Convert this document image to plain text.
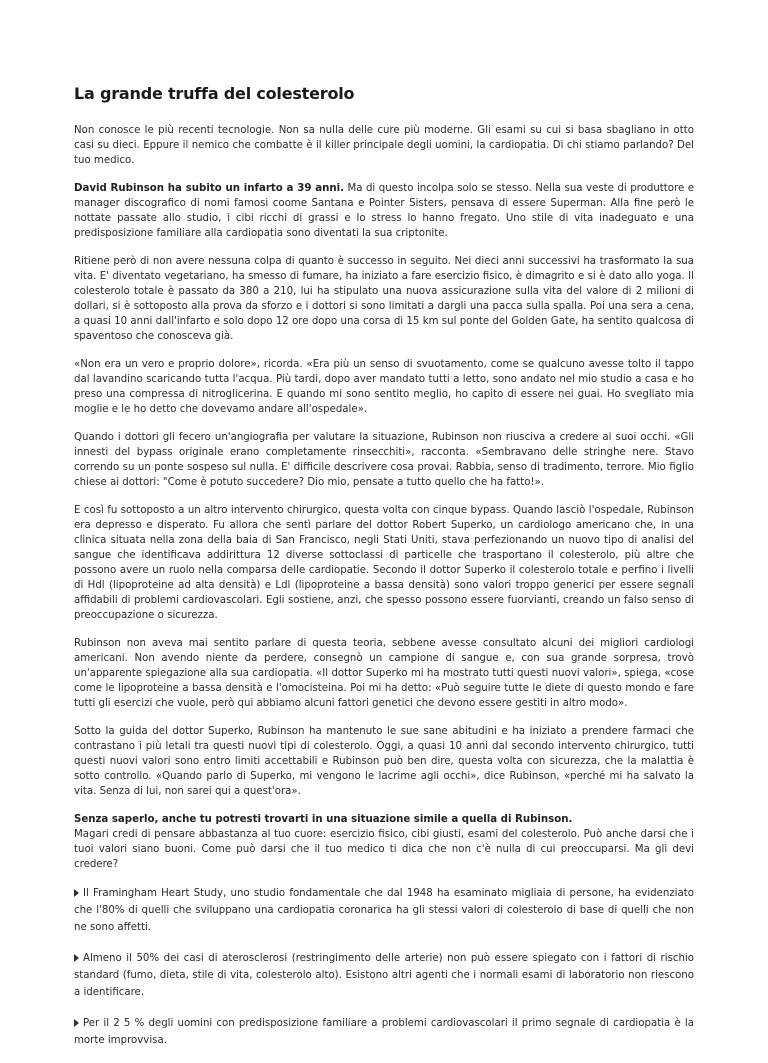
La grande truffa del colesterolo

Non conosce le più recenti tecnologie. Non sa nulla delle cure più moderne. Gli esami su cui si basa sbagliano in otto casi su dieci. Eppure il nemico che combatte è il killer principale degli uomini, la cardiopatia. Di chi stiamo parlando? Del tuo medico.

David Rubinson ha subito un infarto a 39 anni. Ma di questo incolpa solo se stesso. Nella sua veste di produttore e manager discografico di nomi famosi coome Santana e Pointer Sisters, pensava di essere Superman. Alla fine però le nottate passate allo studio, i cibi ricchi di grassi e lo stress lo hanno fregato. Uno stile di vita inadeguato e una predisposizione familiare alla cardiopatia sono diventati la sua criptonite.

Ritiene però di non avere nessuna colpa di quanto è successo in seguito. Nei dieci anni successivi ha trasformato la sua vita. E' diventato vegetariano, ha smesso di fumare, ha iniziato a fare esercizio fisico, è dimagrito e si è dato allo yoga. Il colesterolo totale è passato da 380 a 210, lui ha stipulato una nuova assicurazione sulla vita del valore di 2 milioni di dollari, si è sottoposto alla prova da sforzo e i dottori si sono limitati a dargli una pacca sulla spalla. Poi una sera a cena, a quasi 10 anni dall'infarto e solo dopo 12 ore dopo una corsa di 15 km sul ponte del Golden Gate, ha sentito qualcosa di spaventoso che conosceva già.

«Non era un vero e proprio dolore», ricorda. «Era più un senso di svuotamento, come se qualcuno avesse tolto il tappo dal lavandino scaricando tutta l'acqua. Più tardi, dopo aver mandato tutti a letto, sono andato nel mio studio a casa e ho preso una compressa di nitroglicerina. E quando mi sono sentito meglio, ho capito di essere nei guai. Ho svegliato mia moglie e le ho detto che dovevamo andare all'ospedale».

Quando i dottori gli fecero un'angiografia per valutare la situazione, Rubinson non riusciva a credere ai suoi occhi. «Gli innesti del bypass originale erano completamente rinsecchiti», racconta. «Sembravano delle stringhe nere. Stavo correndo su un ponte sospeso sul nulla. E' difficile descrivere cosa provai. Rabbia, senso di tradimento, terrore. Mio figlio chiese ai dottori: "Come è potuto succedere? Dio mio, pensate a tutto quello che ha fatto!».

E così fu sottoposto a un altro intervento chirurgico, questa volta con cinque bypass. Quando lasciò l'ospedale, Rubinson era depresso e disperato. Fu allora che sentì parlare del dottor Robert Superko, un cardiologo americano che, in una clinica situata nella zona della baia di San Francisco, negli Stati Uniti, stava perfezionando un nuovo tipo di analisi del sangue che identificava addirittura 12 diverse sottoclassi di particelle che trasportano il colesterolo, più altre che possono avere un ruolo nella comparsa delle cardiopatie. Secondo il dottor Superko il colesterolo totale e perfino i livelli di Hdl (lipoproteine ad alta densità) e Ldl (lipoproteine a bassa densità) sono valori troppo generici per essere segnali affidabili di problemi cardiovascolari. Egli sostiene, anzi, che spesso possono essere fuorvianti, creando un falso senso di preoccupazione o sicurezza.

Rubinson non aveva mai sentito parlare di questa teoria, sebbene avesse consultato alcuni dei migliori cardiologi americani. Non avendo niente da perdere, consegnò un campione di sangue e, con sua grande sorpresa, trovò un'apparente spiegazione alla sua cardiopatia. «Il dottor Superko mi ha mostrato tutti questi nuovi valori», spiega, «cose come le lipoproteine a bassa densità e l'omocisteina. Poi mi ha detto: «Può seguire tutte le diete di questo mondo e fare tutti gli esercizi che vuole, però qui abbiamo alcuni fattori genetici che devono essere gestiti in altro modo».

Sotto la guida del dottor Superko, Rubinson ha mantenuto le sue sane abitudini e ha iniziato a prendere farmaci che contrastano i più letali tra questi nuovi tipi di colesterolo. Oggi, a quasi 10 anni dal secondo intervento chirurgico, tutti questi nuovi valori sono entro limiti accettabili e Rubinson può ben dire, questa volta con sicurezza, che la malattia è sotto controllo. «Quando parlo di Superko, mi vengono le lacrime agli occhi», dice Rubinson, «perché mi ha salvato la vita. Senza di lui, non sarei qui a quest'ora».

Senza saperlo, anche tu potresti trovarti in una situazione simile a quella di Rubinson.

Magari credi di pensare abbastanza al tuo cuore: esercizio fisico, cibi giusti, esami del colesterolo. Può anche darsi che i tuoi valori siano buoni. Come può darsi che il tuo medico ti dica che non c'è nulla di cui preoccuparsi. Ma gli devi credere?

Il Framingham Heart Study, uno studio fondamentale che dal 1948 ha esaminato migliaia di persone, ha evidenziato che l'80% di quelli che sviluppano una cardiopatia coronarica ha gli stessi valori di colesterolo di base di quelli che non ne sono affetti.

Almeno il 50% dei casi di aterosclerosi (restringimento delle arterie) non può essere spiegato con i fattori di rischio standard (fumo, dieta, stile di vita, colesterolo alto). Esistono altri agenti che i normali esami di laboratorio non riescono a identificare.

Per il 2 5 % degli uomini con predisposizione familiare a problemi cardiovascolari il primo segnale di cardiopatia è la morte improvvisa.
